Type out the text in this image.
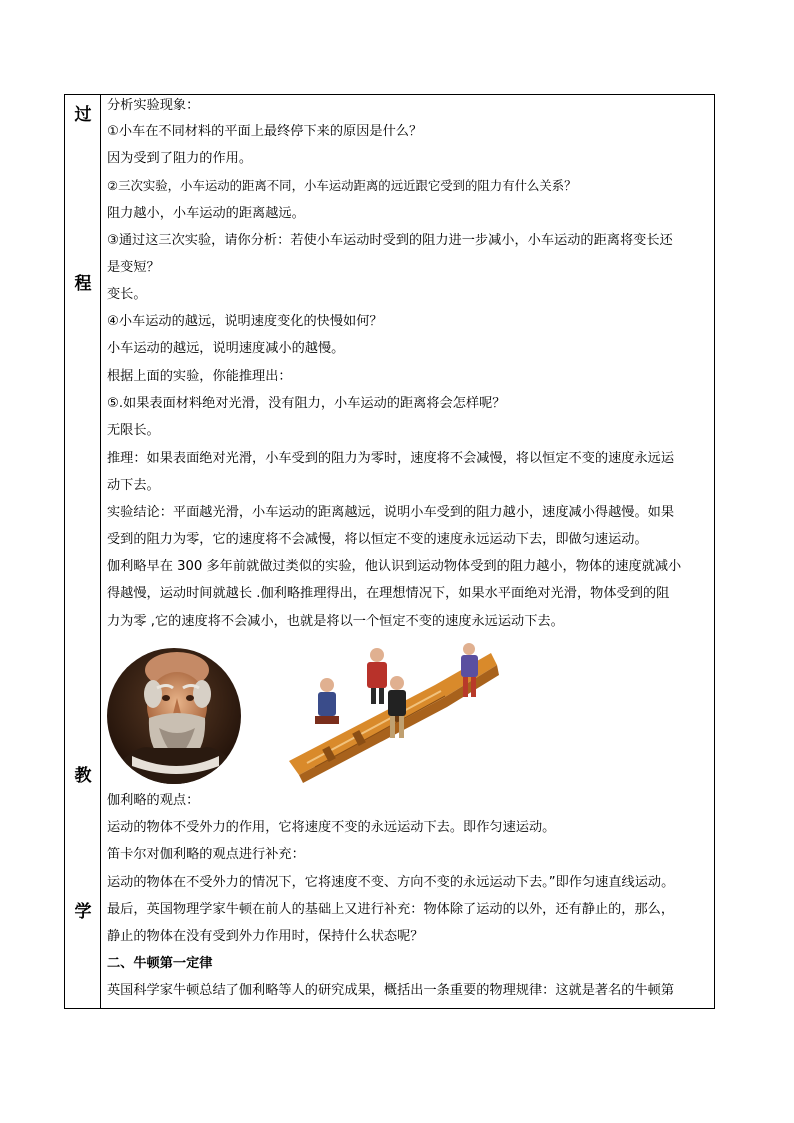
过
程
教
学
分析实验现象：
①小车在不同材料的平面上最终停下来的原因是什么？
因为受到了阻力的作用。
②三次实验，小车运动的距离不同，小车运动距离的远近跟它受到的阻力有什么关系？
阻力越小，小车运动的距离越远。
③通过这三次实验，请你分析：若使小车运动时受到的阻力进一步减小，小车运动的距离将变长还
是变短？
变长。
④小车运动的越远，说明速度变化的快慢如何？
小车运动的越远，说明速度减小的越慢。
根据上面的实验，你能推理出：
⑤.如果表面材料绝对光滑，没有阻力，小车运动的距离将会怎样呢？
无限长。
推理：如果表面绝对光滑，小车受到的阻力为零时，速度将不会减慢，将以恒定不变的速度永远运
动下去。
实验结论：平面越光滑，小车运动的距离越远，说明小车受到的阻力越小，速度减小得越慢。如果
受到的阻力为零，它的速度将不会减慢，将以恒定不变的速度永远运动下去，即做匀速运动。
伽利略早在 300 多年前就做过类似的实验，他认识到运动物体受到的阻力越小，物体的速度就减小
得越慢，运动时间就越长 .伽利略推理得出，在理想情况下，如果水平面绝对光滑，物体受到的阻
力为零 ,它的速度将不会减小，也就是将以一个恒定不变的速度永远运动下去。
伽利略的观点：
运动的物体不受外力的作用，它将速度不变的永远运动下去。即作匀速运动。
笛卡尔对伽利略的观点进行补充：
运动的物体在不受外力的情况下，它将速度不变、方向不变的永远运动下去。”即作匀速直线运动。
最后，英国物理学家牛顿在前人的基础上又进行补充：物体除了运动的以外，还有静止的，那么，
静止的物体在没有受到外力作用时，保持什么状态呢？
二、牛顿第一定律
英国科学家牛顿总结了伽利略等人的研究成果，概括出一条重要的物理规律：这就是著名的牛顿第
